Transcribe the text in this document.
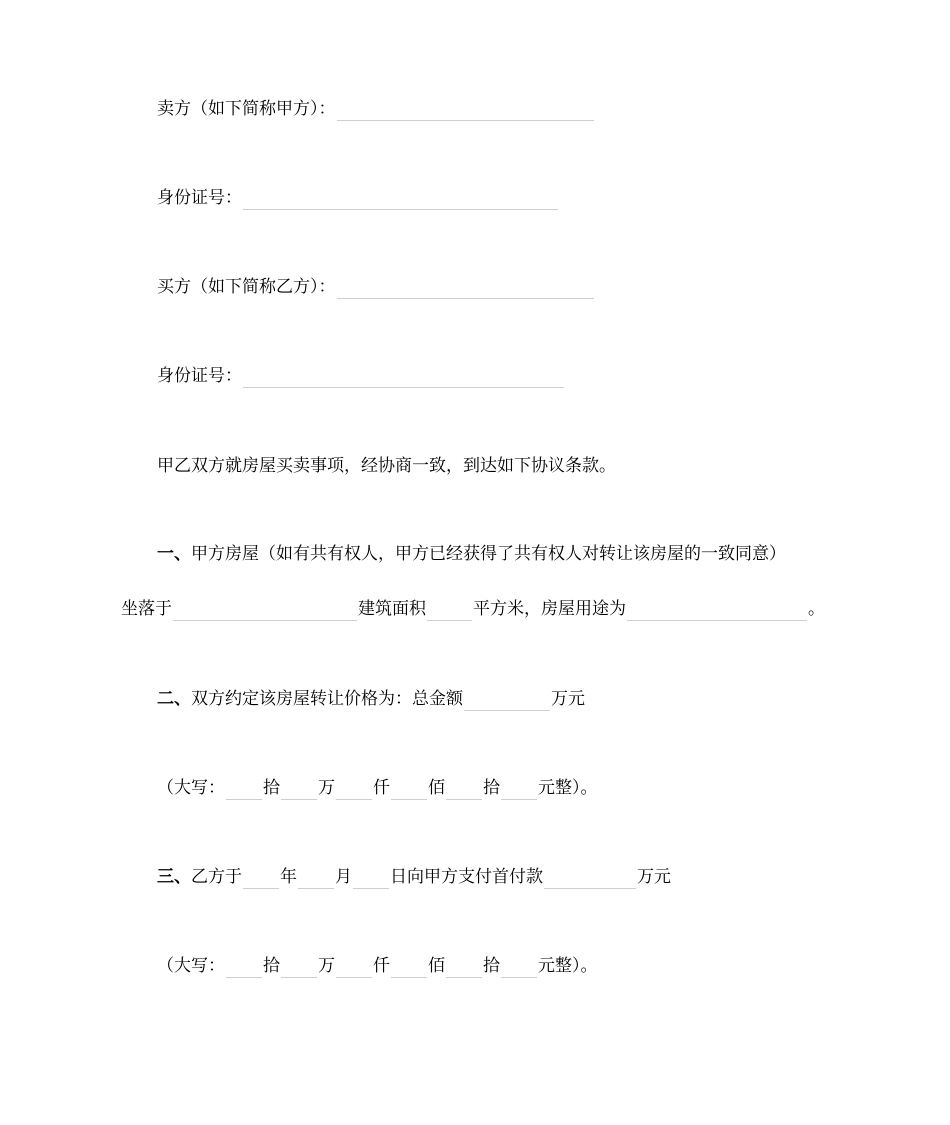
卖方（如下简称甲方）：
身份证号：
买方（如下简称乙方）：
身份证号：
甲乙双方就房屋买卖事项，经协商一致，到达如下协议条款。
一、 甲方房屋（如有共有权人，甲方已经获得了共有权人对转让该房屋的一致同意）
坐落于	建筑面积	平方米，房屋用途为	。
二、 双方约定该房屋转让价格为：总金额	万元
（大写： 拾 万 仟 佰 拾 元整）。
三、 乙方于 年 月 日向甲方支付首付款	万元
（大写： 拾 万 仟 佰 拾 元整）。
